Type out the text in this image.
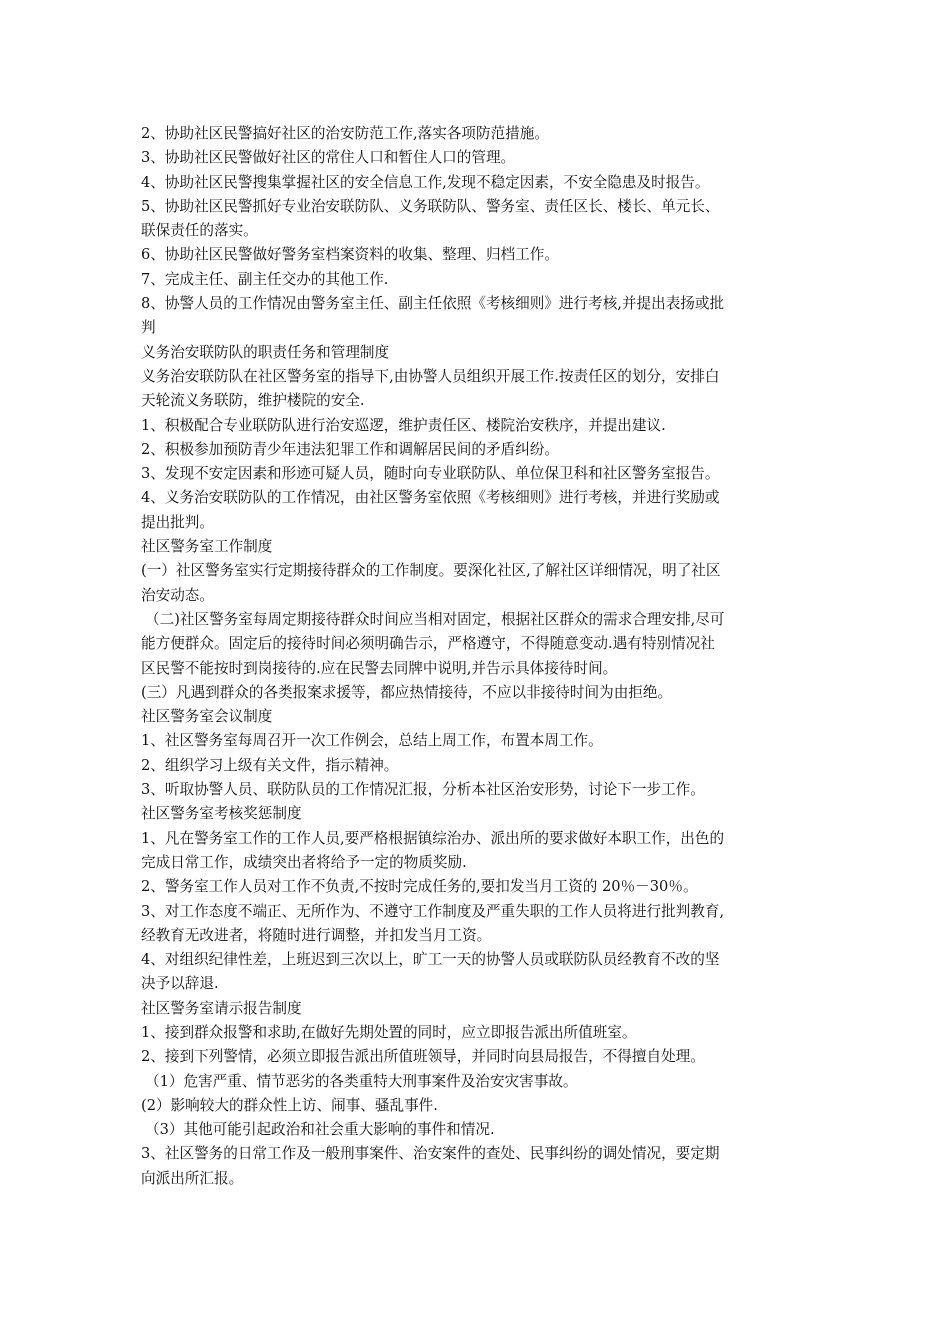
2、协助社区民警搞好社区的治安防范工作,落实各项防范措施。
3、协助社区民警做好社区的常住人口和暂住人口的管理。
4、协助社区民警搜集掌握社区的安全信息工作,发现不稳定因素，不安全隐患及时报告。
5、协助社区民警抓好专业治安联防队、义务联防队、警务室、责任区长、楼长、单元长、
联保责任的落实。
6、协助社区民警做好警务室档案资料的收集、整理、归档工作。
7、完成主任、副主任交办的其他工作.
8、协警人员的工作情况由警务室主任、副主任依照《考核细则》进行考核,并提出表扬或批
判
义务治安联防队的职责任务和管理制度
义务治安联防队在社区警务室的指导下,由协警人员组织开展工作.按责任区的划分，安排白
天轮流义务联防，维护楼院的安全.
1、积极配合专业联防队进行治安巡逻，维护责任区、楼院治安秩序，并提出建议.
2、积极参加预防青少年违法犯罪工作和调解居民间的矛盾纠纷。
3、发现不安定因素和形迹可疑人员，随时向专业联防队、单位保卫科和社区警务室报告。
4、义务治安联防队的工作情况，由社区警务室依照《考核细则》进行考核，并进行奖励或
提出批判。
社区警务室工作制度
(一）社区警务室实行定期接待群众的工作制度。要深化社区,了解社区详细情况，明了社区
治安动态。
（二)社区警务室每周定期接待群众时间应当相对固定，根据社区群众的需求合理安排,尽可
能方便群众。固定后的接待时间必须明确告示，严格遵守，不得随意变动.遇有特别情况社
区民警不能按时到岗接待的.应在民警去同牌中说明,并告示具体接待时间。
(三）凡遇到群众的各类报案求援等，都应热情接待，不应以非接待时间为由拒绝。
社区警务室会议制度
1、社区警务室每周召开一次工作例会，总结上周工作，布置本周工作。
2、组织学习上级有关文件，指示精神。
3、听取协警人员、联防队员的工作情况汇报，分析本社区治安形势，讨论下一步工作。
社区警务室考核奖惩制度
1、凡在警务室工作的工作人员,要严格根据镇综治办、派出所的要求做好本职工作，出色的
完成日常工作，成绩突出者将给予一定的物质奖励.
2、警务室工作人员对工作不负责,不按时完成任务的,要扣发当月工资的 20％－30％。
3、对工作态度不端正、无所作为、不遵守工作制度及严重失职的工作人员将进行批判教育,
经教育无改进者，将随时进行调整，并扣发当月工资。
4、对组织纪律性差，上班迟到三次以上，旷工一天的协警人员或联防队员经教育不改的坚
决予以辞退.
社区警务室请示报告制度
1、接到群众报警和求助,在做好先期处置的同时，应立即报告派出所值班室。
2、接到下列警情，必须立即报告派出所值班领导，并同时向县局报告，不得擅自处理。
（1）危害严重、情节恶劣的各类重特大刑事案件及治安灾害事故。
(2）影响较大的群众性上访、闹事、骚乱事件.
（3）其他可能引起政治和社会重大影响的事件和情况.
3、社区警务的日常工作及一般刑事案件、治安案件的查处、民事纠纷的调处情况，要定期
向派出所汇报。
